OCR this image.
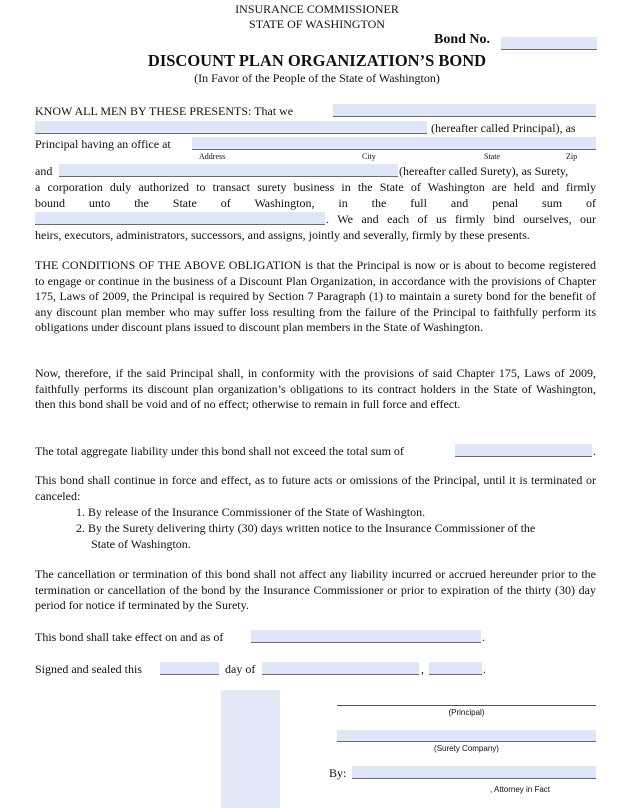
INSURANCE COMMISSIONER
STATE OF WASHINGTON
Bond No.
DISCOUNT PLAN ORGANIZATION’S BOND
(In Favor of the People of the State of Washington)
KNOW ALL MEN BY THESE PRESENTS: That we
(hereafter called Principal), as
Principal having an office at
Address	City	State	Zip
and	(hereafter called Surety), as Surety,
a corporation duly authorized to transact surety business in the State of Washington are held and firmly
bound unto the State of Washington, in the full and penal sum of
. We and each of us firmly bind ourselves, our
heirs, executors, administrators, successors, and assigns, jointly and severally, firmly by these presents.
THE CONDITIONS OF THE ABOVE OBLIGATION is that the Principal is now or is about to become registered to engage or continue in the business of a Discount Plan Organization, in accordance with the provisions of Chapter 175, Laws of 2009, the Principal is required by Section 7 Paragraph (1) to maintain a surety bond for the benefit of any discount plan member who may suffer loss resulting from the failure of the Principal to faithfully perform its obligations under discount plans issued to discount plan members in the State of Washington.
Now, therefore, if the said Principal shall, in conformity with the provisions of said Chapter 175, Laws of 2009, faithfully performs its discount plan organization’s obligations to its contract holders in the State of Washington, then this bond shall be void and of no effect; otherwise to remain in full force and effect.
The total aggregate liability under this bond shall not exceed the total sum of	.
This bond shall continue in force and effect, as to future acts or omissions of the Principal, until it is terminated or canceled:
1. By release of the Insurance Commissioner of the State of Washington.
2. By the Surety delivering thirty (30) days written notice to the Insurance Commissioner of the
State of Washington.
The cancellation or termination of this bond shall not affect any liability incurred or accrued hereunder prior to the termination or cancellation of the bond by the Insurance Commissioner or prior to expiration of the thirty (30) day period for notice if terminated by the Surety.
This bond shall take effect on and as of	.
Signed and sealed this	day of	,	.
(Principal)
(Surety Company)
By:
, Attorney in Fact
